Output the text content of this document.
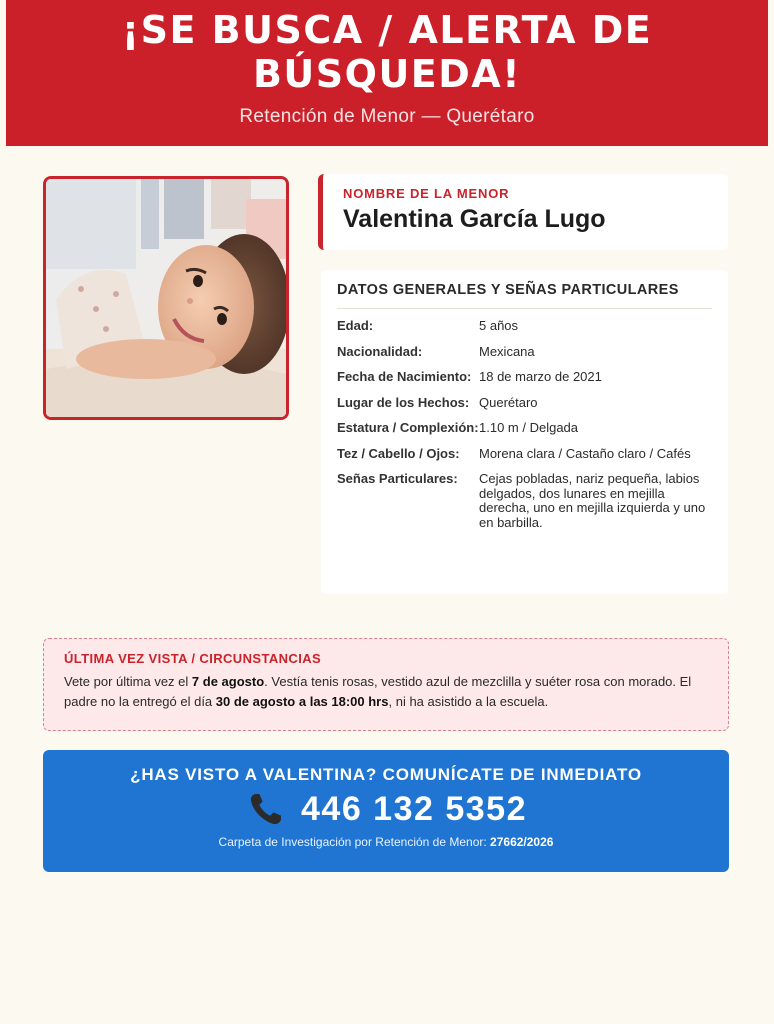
¡SE BUSCA / ALERTA DE BÚSQUEDA!
Retención de Menor — Querétaro
NOMBRE DE LA MENOR
Valentina García Lugo
DATOS GENERALES Y SEÑAS PARTICULARES
Edad:	5 años
Nacionalidad:	Mexicana
Fecha de Nacimiento: 18 de marzo de 2021
Lugar de los Hechos: Querétaro
Estatura / Complexión: 1.10 m / Delgada
Tez / Cabello / Ojos:	Morena clara / Castaño claro / Cafés
Señas Particulares:	Cejas pobladas, nariz pequeña, labios delgados, dos lunares en mejilla derecha, uno en mejilla izquierda y uno en barbilla.
ÚLTIMA VEZ VISTA / CIRCUNSTANCIAS
Vete por última vez el 7 de agosto. Vestía tenis rosas, vestido azul de mezclilla y suéter rosa con morado. El padre no la entregó el día 30 de agosto a las 18:00 hrs, ni ha asistido a la escuela.
¿HAS VISTO A VALENTINA? COMUNÍCATE DE INMEDIATO
446 132 5352
Carpeta de Investigación por Retención de Menor: 27662/2026
